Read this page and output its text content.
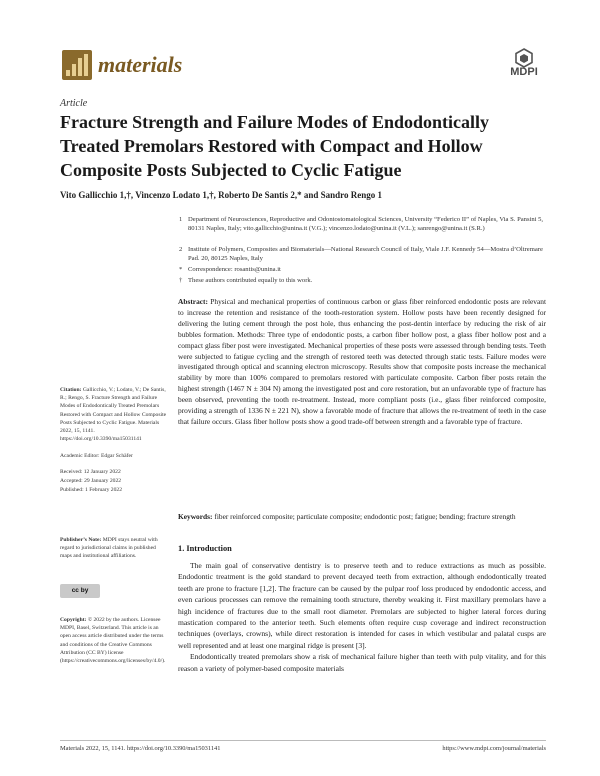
materials	MDPI
Article
Fracture Strength and Failure Modes of Endodontically Treated Premolars Restored with Compact and Hollow Composite Posts Subjected to Cyclic Fatigue
Vito Gallicchio 1,†, Vincenzo Lodato 1,†, Roberto De Santis 2,* and Sandro Rengo 1
1 Department of Neurosciences, Reproductive and Odontostomatological Sciences, University “Federico II” of Naples, Via S. Pansini 5, 80131 Naples, Italy; vito.gallicchio@unina.it (V.G.); vincenzo.lodato@unina.it (V.L.); sanrengo@unina.it (S.R.)
2 Institute of Polymers, Composites and Biomaterials—National Research Council of Italy, Viale J.F. Kennedy 54—Mostra d’Oltremare Pad. 20, 80125 Naples, Italy
* Correspondence: rosantis@unina.it
† These authors contributed equally to this work.
Abstract: Physical and mechanical properties of continuous carbon or glass fiber reinforced endodontic posts are relevant to increase the retention and resistance of the tooth-restoration system. Hollow posts have been recently designed for delivering the luting cement through the post hole, thus enhancing the post-dentin interface by reducing the risk of air bubbles formation. Methods: Three type of endodontic posts, a carbon fiber hollow post, a glass fiber hollow post and a compact glass fiber post were investigated. Mechanical properties of these posts were assessed through bending tests. Teeth were subjected to fatigue cycling and the strength of restored teeth was detected through static tests. Failure modes were investigated through optical and scanning electron microscopy. Results show that composite posts increase the mechanical stability by more than 100% compared to premolars restored with particulate composite. Carbon fiber posts retain the highest strength (1467 N ± 304 N) among the investigated post and core restoration, but an unfavorable type of fracture has been observed, preventing the tooth re-treatment. Instead, more compliant posts (i.e., glass fiber reinforced composite, providing a strength of 1336 N ± 221 N), show a favorable mode of fracture that allows the re-treatment of teeth in the case that failure occurs. Glass fiber hollow posts show a good trade-off between strength and a favorable type of fracture.
Keywords: fiber reinforced composite; particulate composite; endodontic post; fatigue; bending; fracture strength
Citation: Gallicchio, V.; Lodato, V.; De Santis, R.; Rengo, S. Fracture Strength and Failure Modes of Endodontically Treated Premolars Restored with Compact and Hollow Composite Posts Subjected to Cyclic Fatigue. Materials 2022, 15, 1141. https://doi.org/10.3390/ma15031141
Academic Editor: Edgar Schäfer
Received: 12 January 2022
Accepted: 29 January 2022
Published: 1 February 2022
Publisher’s Note: MDPI stays neutral with regard to jurisdictional claims in published maps and institutional affiliations.
cc by
Copyright: © 2022 by the authors. Licensee MDPI, Basel, Switzerland. This article is an open access article distributed under the terms and conditions of the Creative Commons Attribution (CC BY) license (https://creativecommons.org/licenses/by/4.0/).
1. Introduction

The main goal of conservative dentistry is to preserve teeth and to reduce extractions as much as possible. Endodontic treatment is the gold standard to prevent decayed teeth from extraction, although endodontically treated teeth are prone to fracture [1,2]. The fracture can be caused by the pulpar roof loss produced by endodontic access, and even carious processes can remove the remaining tooth structure, thereby weaking it. First maxillary premolars have a high incidence of fractures due to the small root diameter. Premolars are subjected to higher lateral forces during mastication compared to the anterior teeth. Such elements often require cusp coverage and indirect reconstruction techniques (overlays, crowns), while direct restoration is intended for cases in which vestibular and palatal cusps are well represented and at least one marginal ridge is present [3].

Endodontically treated premolars show a risk of mechanical failure higher than teeth with pulp vitality, and for this reason a variety of polymer-based composite materials

Materials 2022, 15, 1141. https://doi.org/10.3390/ma15031141	https://www.mdpi.com/journal/materials
